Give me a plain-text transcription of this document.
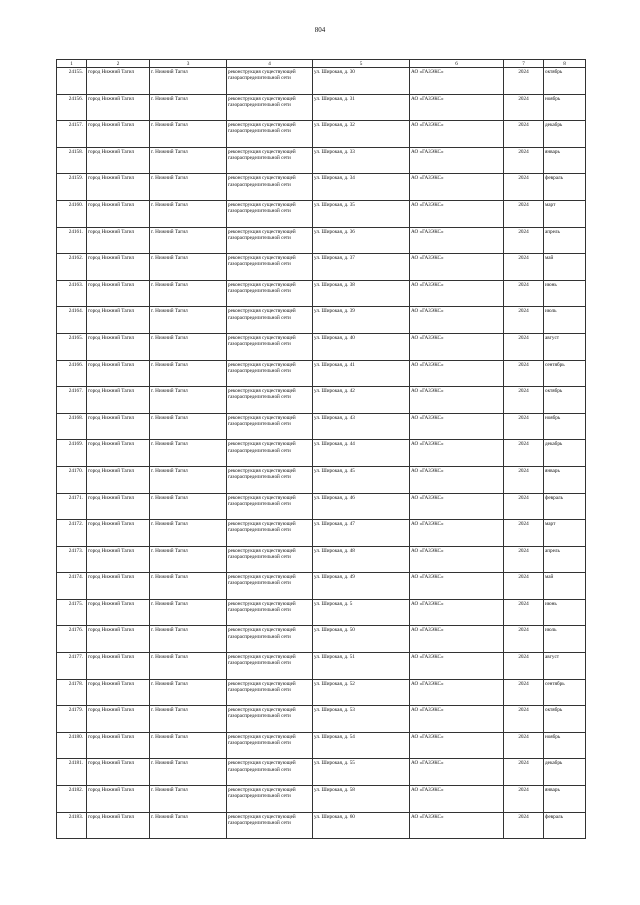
804
1	2	3	4	5	6	7	8
24155.	город Нижний Тагил	г. Нижний Тагил	реконструкция существующей газораспределительной сети	ул. Широкая, д. 30	АО «ГАЗЭКС»	2024	октябрь
24156.	город Нижний Тагил	г. Нижний Тагил	реконструкция существующей газораспределительной сети	ул. Широкая, д. 31	АО «ГАЗЭКС»	2024	ноябрь
24157.	город Нижний Тагил	г. Нижний Тагил	реконструкция существующей газораспределительной сети	ул. Широкая, д. 32	АО «ГАЗЭКС»	2024	декабрь
24158.	город Нижний Тагил	г. Нижний Тагил	реконструкция существующей газораспределительной сети	ул. Широкая, д. 33	АО «ГАЗЭКС»	2024	январь
24159.	город Нижний Тагил	г. Нижний Тагил	реконструкция существующей газораспределительной сети	ул. Широкая, д. 34	АО «ГАЗЭКС»	2024	февраль
24160.	город Нижний Тагил	г. Нижний Тагил	реконструкция существующей газораспределительной сети	ул. Широкая, д. 35	АО «ГАЗЭКС»	2024	март
24161.	город Нижний Тагил	г. Нижний Тагил	реконструкция существующей газораспределительной сети	ул. Широкая, д. 36	АО «ГАЗЭКС»	2024	апрель
24162.	город Нижний Тагил	г. Нижний Тагил	реконструкция существующей газораспределительной сети	ул. Широкая, д. 37	АО «ГАЗЭКС»	2024	май
24163.	город Нижний Тагил	г. Нижний Тагил	реконструкция существующей газораспределительной сети	ул. Широкая, д. 38	АО «ГАЗЭКС»	2024	июнь
24164.	город Нижний Тагил	г. Нижний Тагил	реконструкция существующей газораспределительной сети	ул. Широкая, д. 39	АО «ГАЗЭКС»	2024	июль
24165.	город Нижний Тагил	г. Нижний Тагил	реконструкция существующей газораспределительной сети	ул. Широкая, д. 40	АО «ГАЗЭКС»	2024	август
24166.	город Нижний Тагил	г. Нижний Тагил	реконструкция существующей газораспределительной сети	ул. Широкая, д. 41	АО «ГАЗЭКС»	2024	сентябрь
24167.	город Нижний Тагил	г. Нижний Тагил	реконструкция существующей газораспределительной сети	ул. Широкая, д. 42	АО «ГАЗЭКС»	2024	октябрь
24168.	город Нижний Тагил	г. Нижний Тагил	реконструкция существующей газораспределительной сети	ул. Широкая, д. 43	АО «ГАЗЭКС»	2024	ноябрь
24169.	город Нижний Тагил	г. Нижний Тагил	реконструкция существующей газораспределительной сети	ул. Широкая, д. 44	АО «ГАЗЭКС»	2024	декабрь
24170.	город Нижний Тагил	г. Нижний Тагил	реконструкция существующей газораспределительной сети	ул. Широкая, д. 45	АО «ГАЗЭКС»	2024	январь
24171.	город Нижний Тагил	г. Нижний Тагил	реконструкция существующей газораспределительной сети	ул. Широкая, д. 46	АО «ГАЗЭКС»	2024	февраль
24172.	город Нижний Тагил	г. Нижний Тагил	реконструкция существующей газораспределительной сети	ул. Широкая, д. 47	АО «ГАЗЭКС»	2024	март
24173.	город Нижний Тагил	г. Нижний Тагил	реконструкция существующей газораспределительной сети	ул. Широкая, д. 48	АО «ГАЗЭКС»	2024	апрель
24174.	город Нижний Тагил	г. Нижний Тагил	реконструкция существующей газораспределительной сети	ул. Широкая, д. 49	АО «ГАЗЭКС»	2024	май
24175.	город Нижний Тагил	г. Нижний Тагил	реконструкция существующей газораспределительной сети	ул. Широкая, д. 5	АО «ГАЗЭКС»	2024	июнь
24176.	город Нижний Тагил	г. Нижний Тагил	реконструкция существующей газораспределительной сети	ул. Широкая, д. 50	АО «ГАЗЭКС»	2024	июль
24177.	город Нижний Тагил	г. Нижний Тагил	реконструкция существующей газораспределительной сети	ул. Широкая, д. 51	АО «ГАЗЭКС»	2024	август
24178.	город Нижний Тагил	г. Нижний Тагил	реконструкция существующей газораспределительной сети	ул. Широкая, д. 52	АО «ГАЗЭКС»	2024	сентябрь
24179.	город Нижний Тагил	г. Нижний Тагил	реконструкция существующей газораспределительной сети	ул. Широкая, д. 53	АО «ГАЗЭКС»	2024	октябрь
24180.	город Нижний Тагил	г. Нижний Тагил	реконструкция существующей газораспределительной сети	ул. Широкая, д. 54	АО «ГАЗЭКС»	2024	ноябрь
24181.	город Нижний Тагил	г. Нижний Тагил	реконструкция существующей газораспределительной сети	ул. Широкая, д. 55	АО «ГАЗЭКС»	2024	декабрь
24182.	город Нижний Тагил	г. Нижний Тагил	реконструкция существующей газораспределительной сети	ул. Широкая, д. 58	АО «ГАЗЭКС»	2024	январь
24183.	город Нижний Тагил	г. Нижний Тагил	реконструкция существующей газораспределительной сети	ул. Широкая, д. 60	АО «ГАЗЭКС»	2024	февраль
